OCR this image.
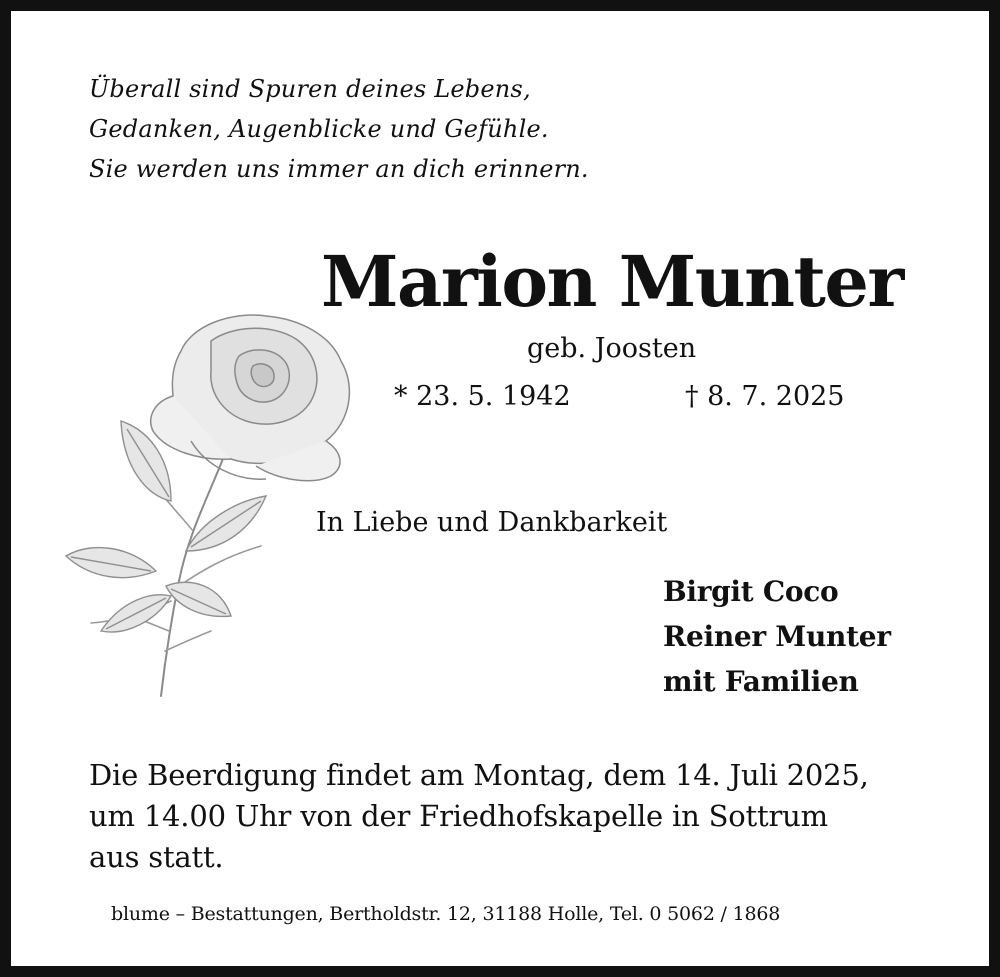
Überall sind Spuren deines Lebens,
Gedanken, Augenblicke und Gefühle.
Sie werden uns immer an dich erinnern.
Marion Munter
geb. Joosten
* 23. 5. 1942	† 8. 7. 2025
In Liebe und Dankbarkeit
Birgit Coco
Reiner Munter
mit Familien
Die Beerdigung findet am Montag, dem 14. Juli 2025,
um 14.00 Uhr von der Friedhofskapelle in Sottrum
aus statt.
blume – Bestattungen, Bertholdstr. 12, 31188 Holle, Tel. 0 5062 / 1868
